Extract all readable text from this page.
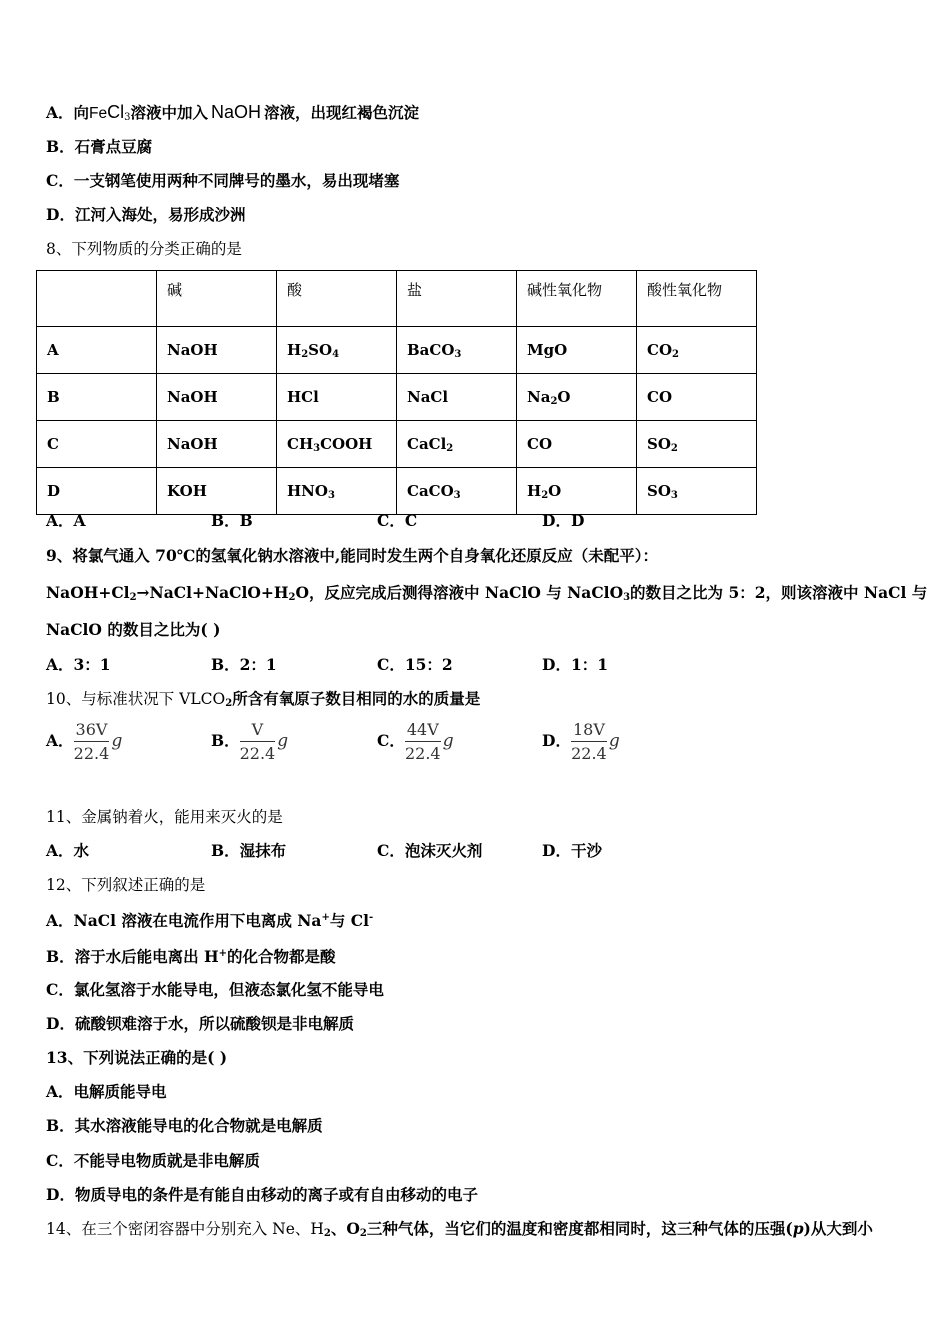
A．向FeCl$_3$溶液中加入 NaOH 溶液，出现红褐色沉淀
B．石膏点豆腐
C．一支钢笔使用两种不同牌号的墨水，易出现堵塞
D．江河入海处，易形成沙洲
8、下列物质的分类正确的是
	碱	酸	盐	碱性氧化物	酸性氧化物
A	NaOH	$H_2SO_4$	BaCO$_3$	MgO	$CO_2$
B	NaOH	HCl	NaCl	$Na_2O$	CO
C	NaOH	$CH_3COOH$	CaCl$_2$	CO	$SO_2$
D	KOH	$HNO_3$	CaCO$_3$	$H_2O$	$SO_3$
A．A	B．B	C．C	D．D
9、将氯气通入 70℃的氢氧化钠水溶液中,能同时发生两个自身氧化还原反应（未配平）：
$NaOH+Cl_2\to NaCl+NaClO+H_2O$，反应完成后测得溶液中 NaClO 与 NaClO$_3$的数目之比为 5：2，则该溶液中 NaCl 与
NaClO 的数目之比为( )
A．3：1	B．2：1	C．15：2	D．1：1
10、与标准状况下 $VLCO_2$所含有氧原子数目相同的水的质量是
A． $\frac{36V}{22.4}$ g	B． $\frac{V}{22.4}$ g	C． $\frac{44V}{22.4}$ g	D． $\frac{18V}{22.4}$ g
11、金属钠着火，能用来灭火的是
A．水	B．湿抹布	C．泡沫灭火剂	D．干沙
12、下列叙述正确的是
A．NaCl 溶液在电流作用下电离成 Na+与 Cl-
B．溶于水后能电离出 H+的化合物都是酸
C．氯化氢溶于水能导电，但液态氯化氢不能导电
D．硫酸钡难溶于水，所以硫酸钡是非电解质
13、下列说法正确的是( )
A．电解质能导电
B．其水溶液能导电的化合物就是电解质
C．不能导电物质就是非电解质
D．物质导电的条件是有能自由移动的离子或有自由移动的电子
14、在三个密闭容器中分别充入 Ne、$H_2$、$O_2$三种气体，当它们的温度和密度都相同时，这三种气体的压强(p)从大到小
